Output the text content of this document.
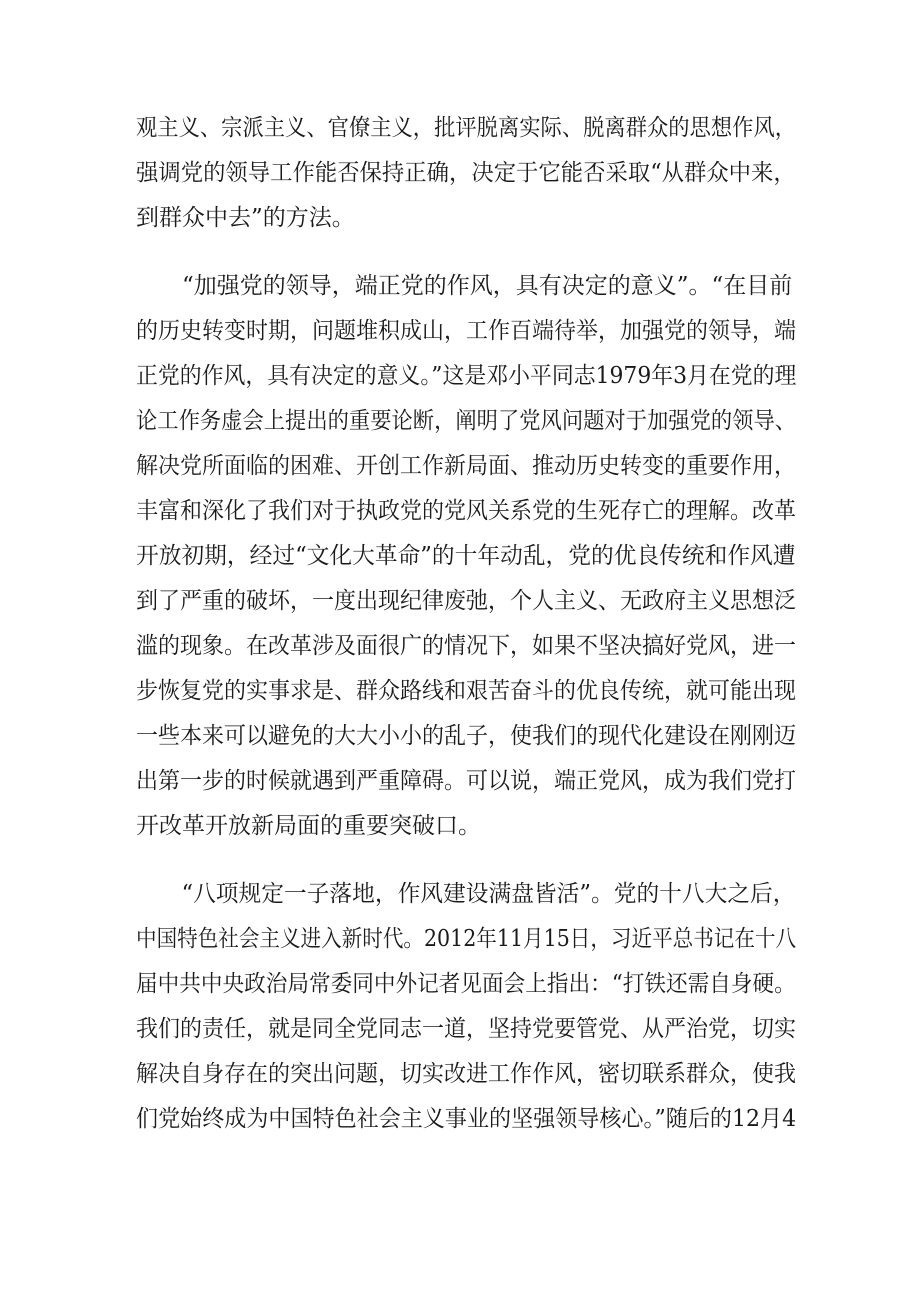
观主义、宗派主义、官僚主义，批评脱离实际、脱离群众的思想作风，
强调党的领导工作能否保持正确，决定于它能否采取“从群众中来，
到群众中去”的方法。
“加强党的领导，端正党的作风，具有决定的意义”。“在目前
的历史转变时期，问题堆积成山，工作百端待举，加强党的领导，端
正党的作风，具有决定的意义。”这是邓小平同志1979年3月在党的理
论工作务虚会上提出的重要论断，阐明了党风问题对于加强党的领导、
解决党所面临的困难、开创工作新局面、推动历史转变的重要作用，
丰富和深化了我们对于执政党的党风关系党的生死存亡的理解。改革
开放初期，经过“文化大革命”的十年动乱，党的优良传统和作风遭
到了严重的破坏，一度出现纪律废弛，个人主义、无政府主义思想泛
滥的现象。在改革涉及面很广的情况下，如果不坚决搞好党风，进一
步恢复党的实事求是、群众路线和艰苦奋斗的优良传统，就可能出现
一些本来可以避免的大大小小的乱子，使我们的现代化建设在刚刚迈
出第一步的时候就遇到严重障碍。可以说，端正党风，成为我们党打
开改革开放新局面的重要突破口。
“八项规定一子落地，作风建设满盘皆活”。党的十八大之后，
中国特色社会主义进入新时代。2012年11月15日，习近平总书记在十八
届中共中央政治局常委同中外记者见面会上指出：“打铁还需自身硬。
我们的责任，就是同全党同志一道，坚持党要管党、从严治党，切实
解决自身存在的突出问题，切实改进工作作风，密切联系群众，使我
们党始终成为中国特色社会主义事业的坚强领导核心。”随后的12月4
